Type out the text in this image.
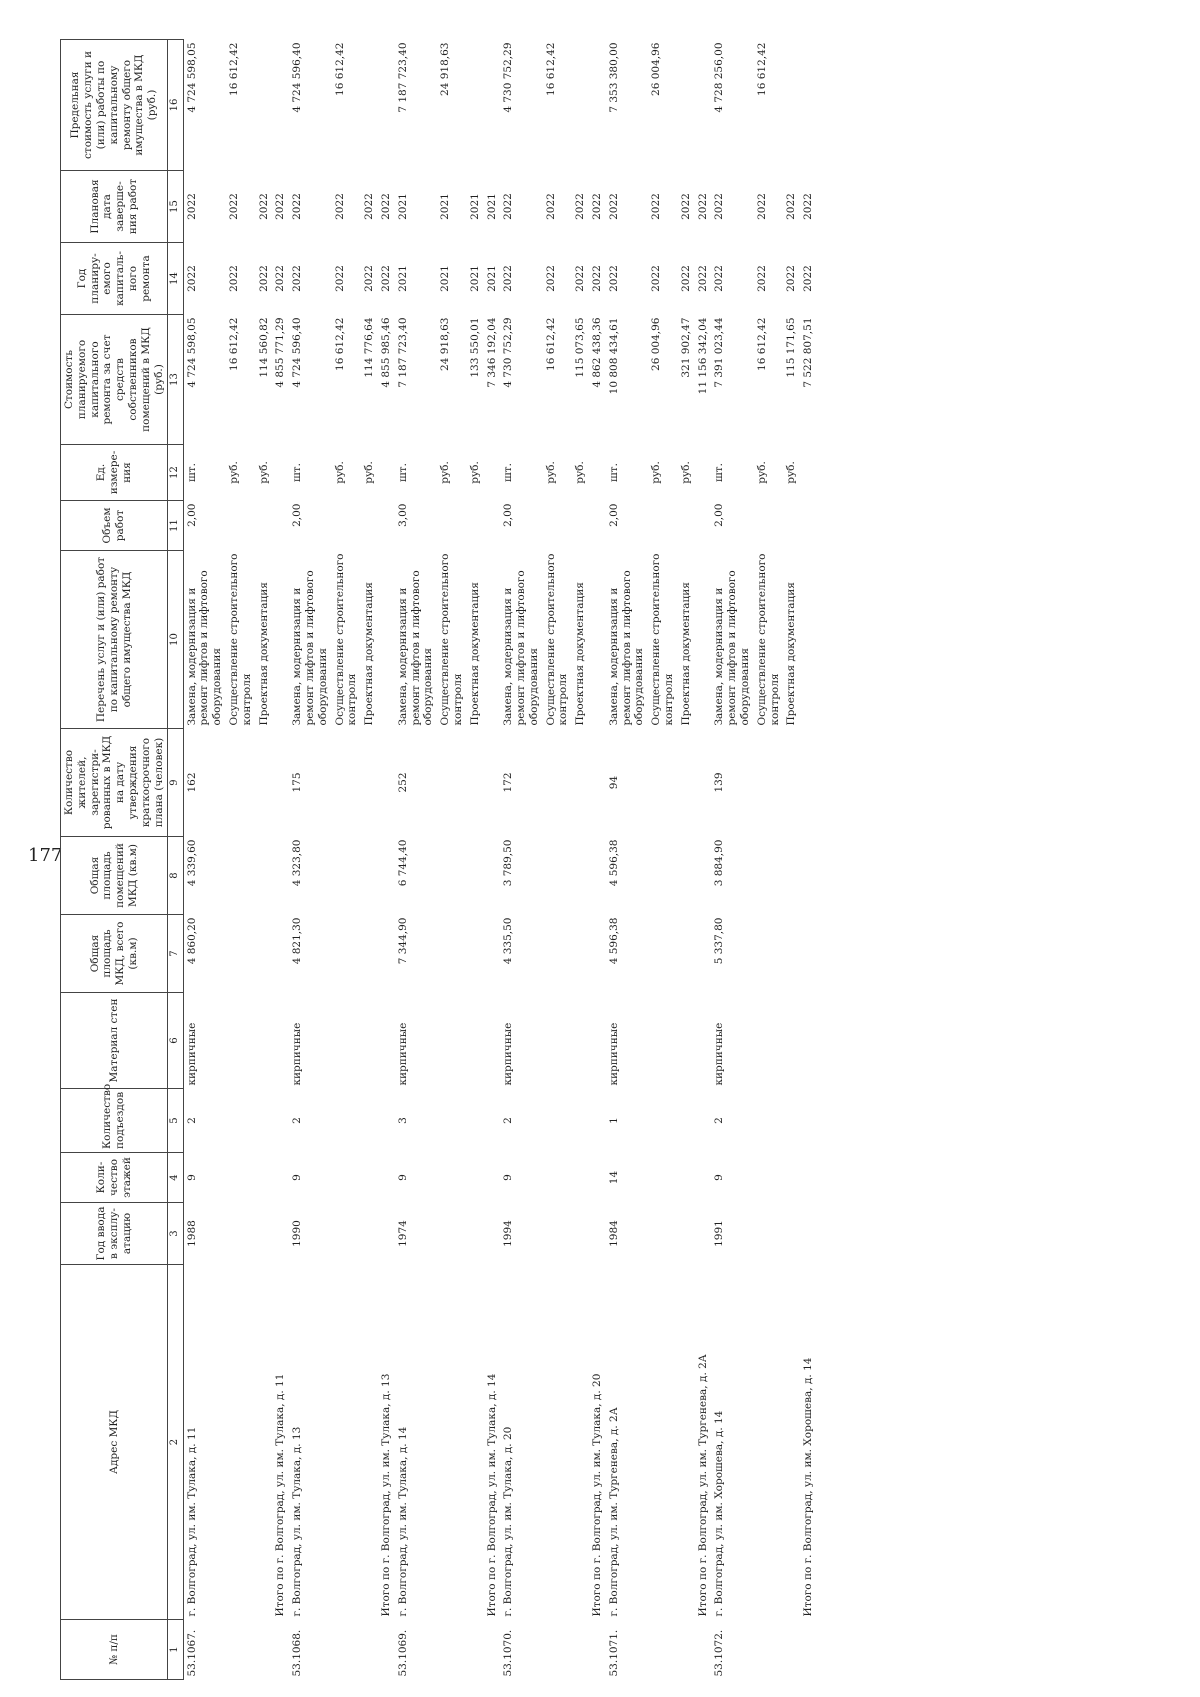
177
№ п/п	Адрес МКД	Год ввода в эксплу-атацию	Коли-чество этажей	Количество подъездов	Материал стен	Общая площадь МКД, всего (кв.м)	Общая площадь помещений МКД (кв.м)	Количество жителей, зарегистри-рованных в МКД на дату утверждения краткосрочного плана (человек)	Перечень услуг и (или) работ по капитальному ремонту общего имущества МКД	Объем работ	Ед. измере-ния	Стоимость планируемого капитального ремонта за счет средств собственников помещений в МКД (руб.)	Год планиру-емого капиталь-ного ремонта	Плановая дата заверше-ния работ	Предельная стоимость услуги и (или) работы по капитальному ремонту общего имущества в МКД (руб.)
1	2	3	4	5	6	7	8	9	10	11	12	13	14	15	16
53.1067.	г. Волгоград, ул. им. Тулака, д. 11	1988	9	2	кирпичные	4 860,20	4 339,60	162	Замена, модернизация и ремонт лифтов и лифтового оборудования	2,00	шт.	4 724 598,05	2022	2022	4 724 598,05
									Осуществление строительного контроля		руб.	16 612,42	2022	2022	16 612,42
									Проектная документация		руб.	114 560,82	2022	2022	
	Итого по г. Волгоград, ул. им. Тулака, д. 11											4 855 771,29	2022	2022	
53.1068.	г. Волгоград, ул. им. Тулака, д. 13	1990	9	2	кирпичные	4 821,30	4 323,80	175	Замена, модернизация и ремонт лифтов и лифтового оборудования	2,00	шт.	4 724 596,40	2022	2022	4 724 596,40
									Осуществление строительного контроля		руб.	16 612,42	2022	2022	16 612,42
									Проектная документация		руб.	114 776,64	2022	2022	
	Итого по г. Волгоград, ул. им. Тулака, д. 13											4 855 985,46	2022	2022	
53.1069.	г. Волгоград, ул. им. Тулака, д. 14	1974	9	3	кирпичные	7 344,90	6 744,40	252	Замена, модернизация и ремонт лифтов и лифтового оборудования	3,00	шт.	7 187 723,40	2021	2021	7 187 723,40
									Осуществление строительного контроля		руб.	24 918,63	2021	2021	24 918,63
									Проектная документация		руб.	133 550,01	2021	2021	
	Итого по г. Волгоград, ул. им. Тулака, д. 14											7 346 192,04	2021	2021	
53.1070.	г. Волгоград, ул. им. Тулака, д. 20	1994	9	2	кирпичные	4 335,50	3 789,50	172	Замена, модернизация и ремонт лифтов и лифтового оборудования	2,00	шт.	4 730 752,29	2022	2022	4 730 752,29
									Осуществление строительного контроля		руб.	16 612,42	2022	2022	16 612,42
									Проектная документация		руб.	115 073,65	2022	2022	
	Итого по г. Волгоград, ул. им. Тулака, д. 20											4 862 438,36	2022	2022	
53.1071.	г. Волгоград, ул. им. Тургенева, д. 2А	1984	14	1	кирпичные	4 596,38	4 596,38	94	Замена, модернизация и ремонт лифтов и лифтового оборудования	2,00	шт.	10 808 434,61	2022	2022	7 353 380,00
									Осуществление строительного контроля		руб.	26 004,96	2022	2022	26 004,96
									Проектная документация		руб.	321 902,47	2022	2022	
	Итого по г. Волгоград, ул. им. Тургенева, д. 2А											11 156 342,04	2022	2022	
53.1072.	г. Волгоград, ул. им. Хорошева, д. 14	1991	9	2	кирпичные	5 337,80	3 884,90	139	Замена, модернизация и ремонт лифтов и лифтового оборудования	2,00	шт.	7 391 023,44	2022	2022	4 728 256,00
									Осуществление строительного контроля		руб.	16 612,42	2022	2022	16 612,42
									Проектная документация		руб.	115 171,65	2022	2022	
	Итого по г. Волгоград, ул. им. Хорошева, д. 14											7 522 807,51	2022	2022	
